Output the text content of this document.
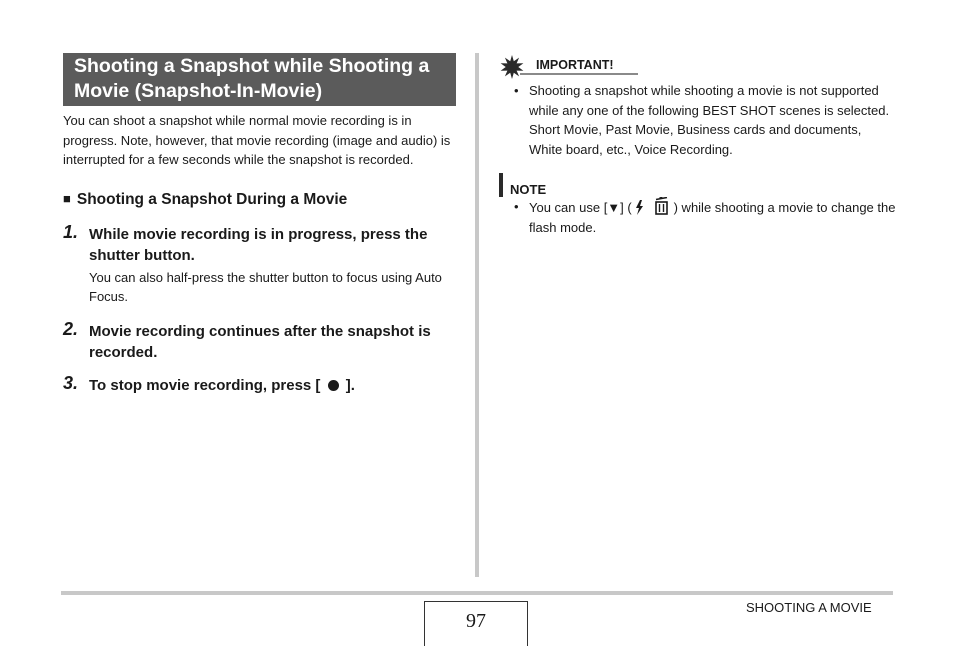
Shooting a Snapshot while Shooting a Movie (Snapshot-In-Movie)

You can shoot a snapshot while normal movie recording is in progress. Note, however, that movie recording (image and audio) is interrupted for a few seconds while the snapshot is recorded.

■ Shooting a Snapshot During a Movie
1. While movie recording is in progress, press the shutter button.
You can also half-press the shutter button to focus using Auto Focus.
2. Movie recording continues after the snapshot is recorded.
3. To stop movie recording, press [ ].
IMPORTANT!
• Shooting a snapshot while shooting a movie is not supported while any one of the following BEST SHOT scenes is selected.
Short Movie, Past Movie, Business cards and documents, White board, etc., Voice Recording.
NOTE
• You can use [▼] (	) while shooting a movie to change the flash mode.
97
SHOOTING A MOVIE
